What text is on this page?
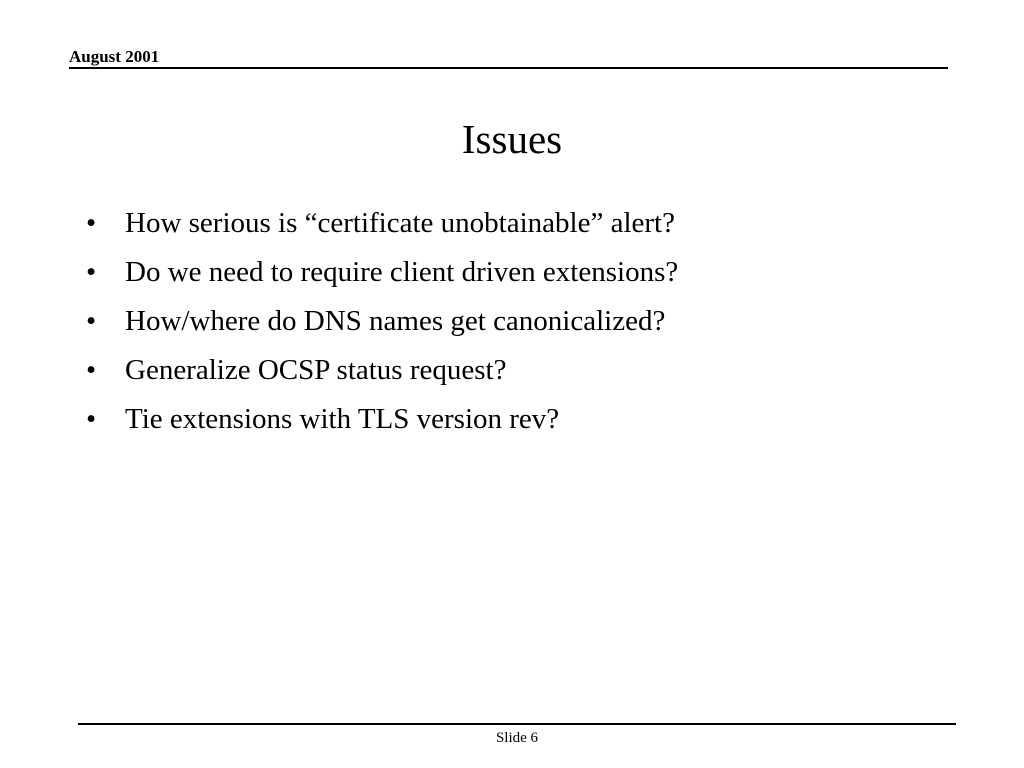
August 2001
Issues
• How serious is “certificate unobtainable” alert?
• Do we need to require client driven extensions?
• How/where do DNS names get canonicalized?
• Generalize OCSP status request?
• Tie extensions with TLS version rev?
Slide 6
